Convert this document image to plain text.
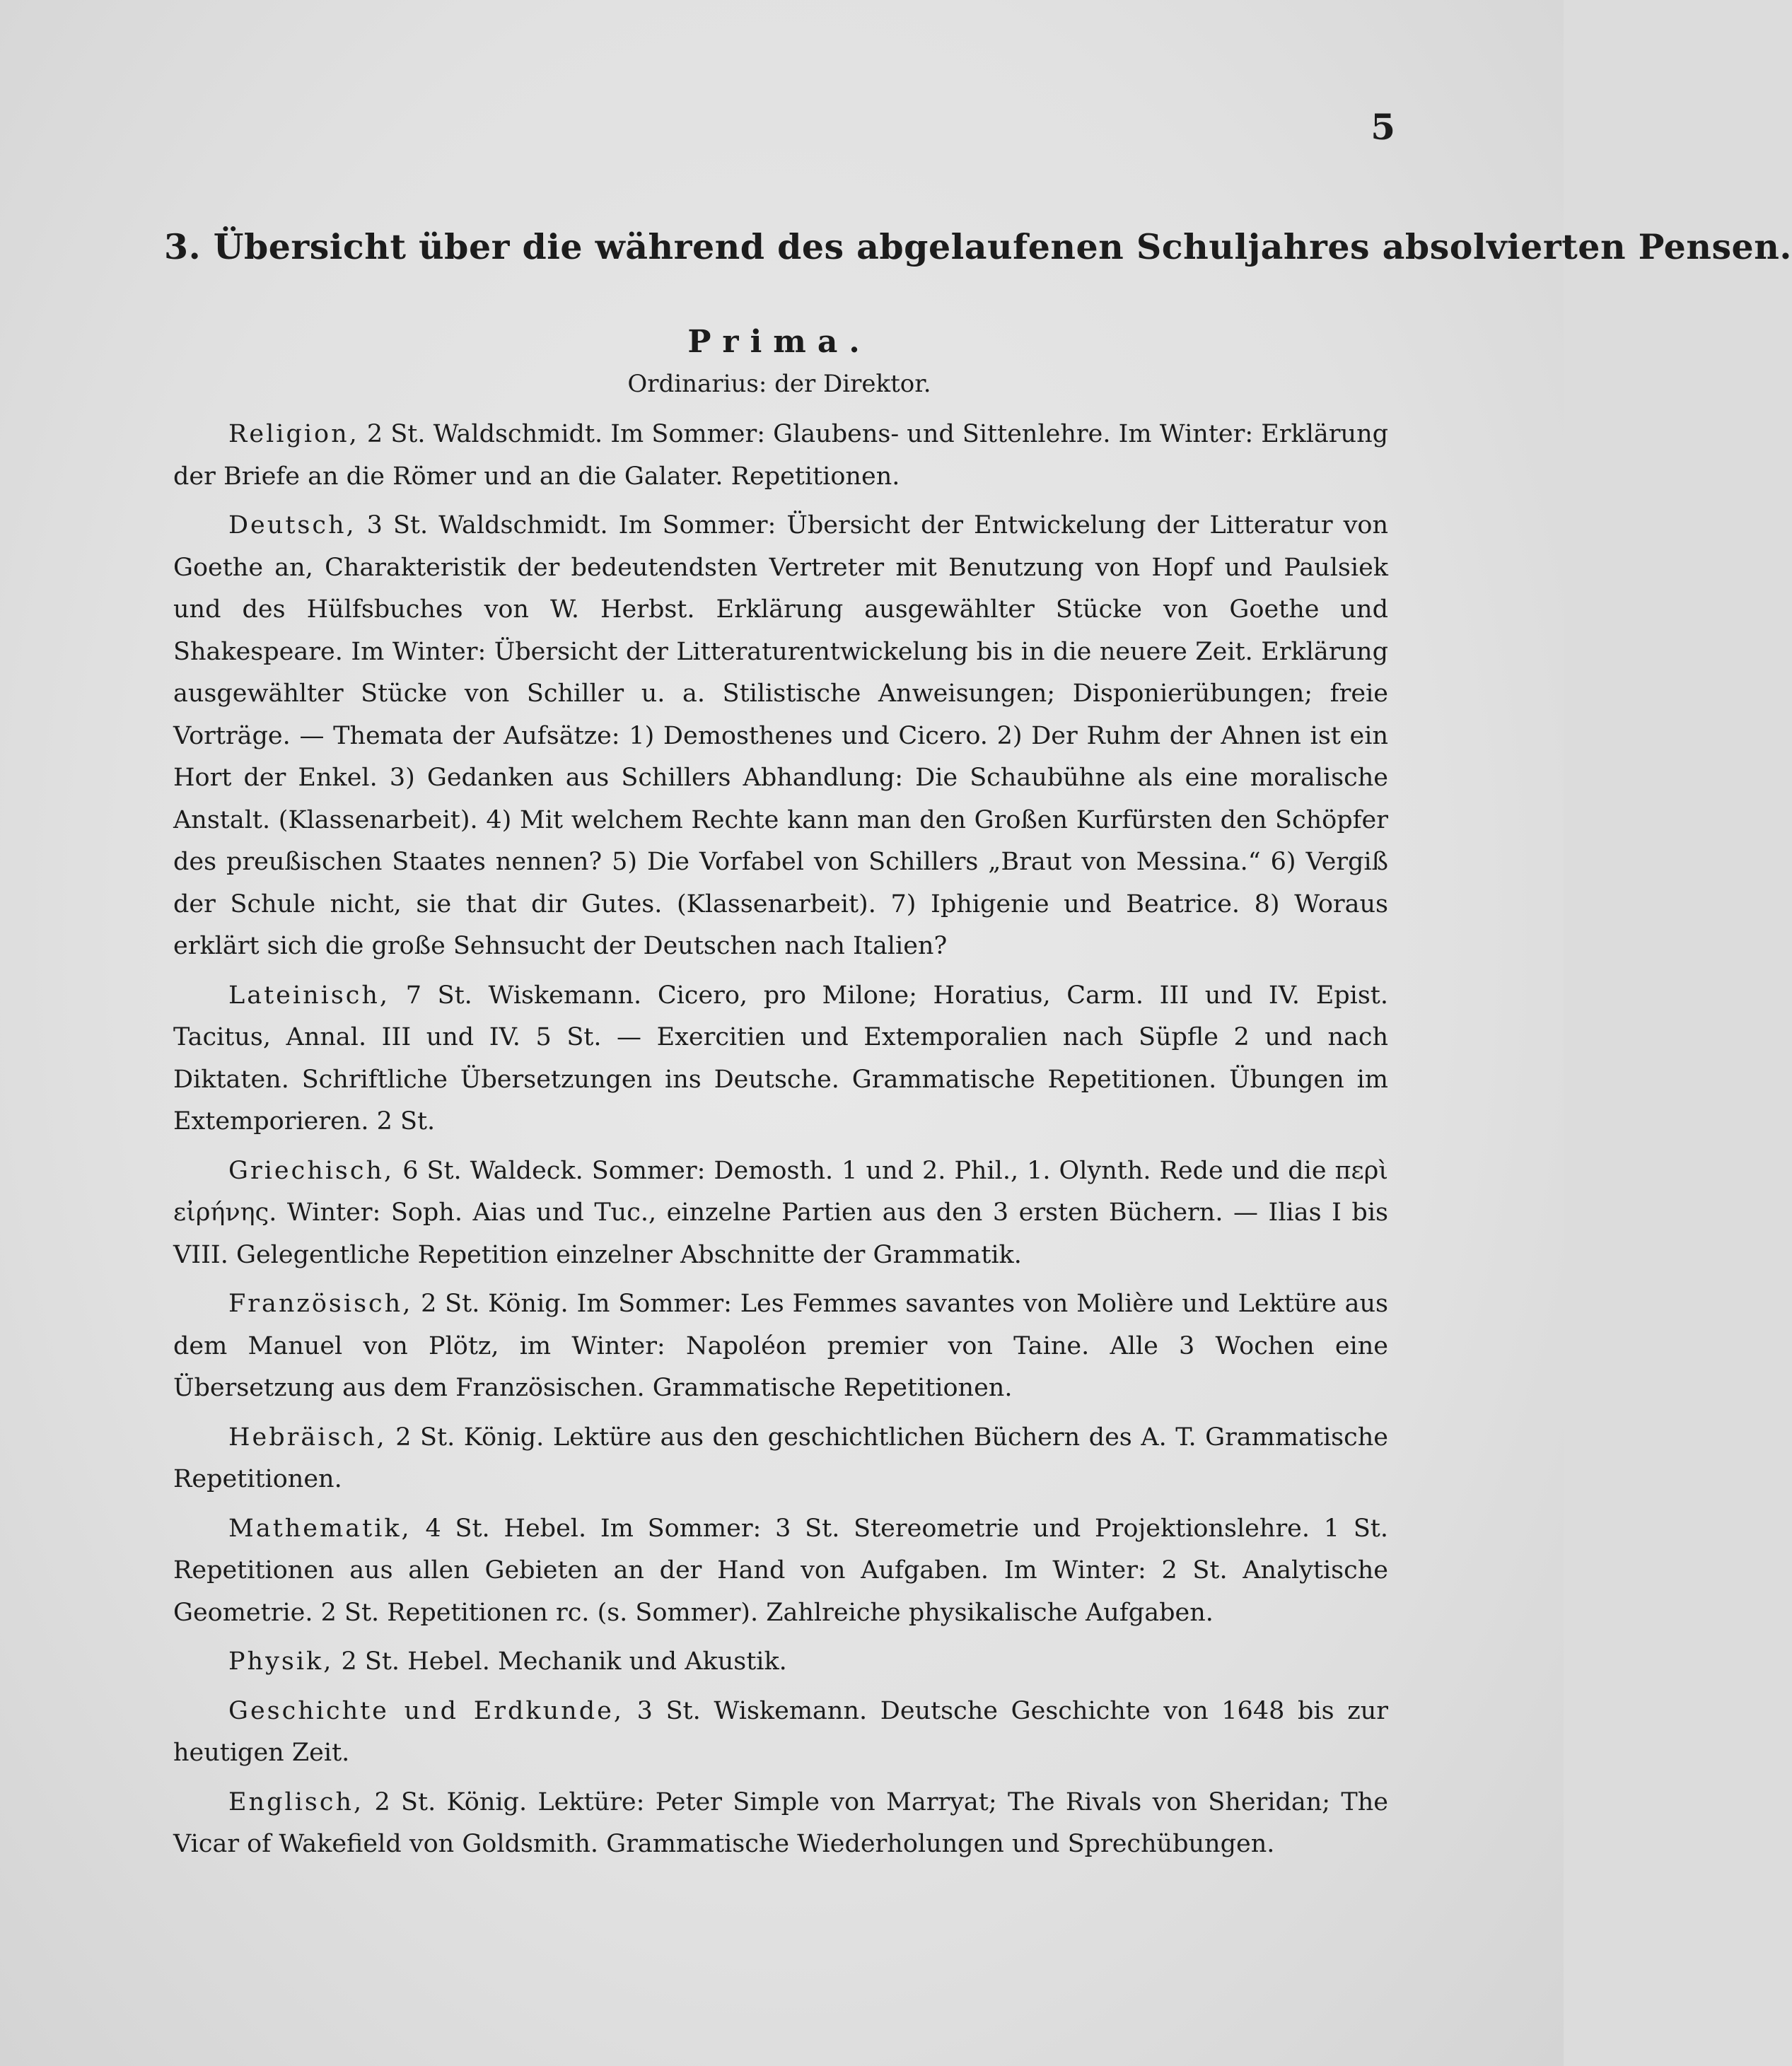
5
3. Übersicht über die während des abgelaufenen Schuljahres absolvierten Pensen.
Prima.
Ordinarius: der Direktor.

Religion, 2 St. Waldschmidt. Im Sommer: Glaubens- und Sittenlehre. Im Winter: Erklärung der Briefe an die Römer und an die Galater. Repetitionen.

Deutsch, 3 St. Waldschmidt. Im Sommer: Übersicht der Entwickelung der Litteratur von Goethe an, Charakteristik der bedeutendsten Vertreter mit Benutzung von Hopf und Paulsiek und des Hülfsbuches von W. Herbst. Erklärung ausgewählter Stücke von Goethe und Shakespeare. Im Winter: Übersicht der Litteraturentwickelung bis in die neuere Zeit. Erklärung ausgewählter Stücke von Schiller u. a. Stilistische Anweisungen; Disponierübungen; freie Vorträge. — Themata der Aufsätze: 1) Demosthenes und Cicero. 2) Der Ruhm der Ahnen ist ein Hort der Enkel. 3) Gedanken aus Schillers Abhandlung: Die Schaubühne als eine moralische Anstalt. (Klassenarbeit). 4) Mit welchem Rechte kann man den Großen Kurfürsten den Schöpfer des preußischen Staates nennen? 5) Die Vorfabel von Schillers „Braut von Messina.“ 6) Vergiß der Schule nicht, sie that dir Gutes. (Klassenarbeit). 7) Iphigenie und Beatrice. 8) Woraus erklärt sich die große Sehnsucht der Deutschen nach Italien?

Lateinisch, 7 St. Wiskemann. Cicero, pro Milone; Horatius, Carm. III und IV. Epist. Tacitus, Annal. III und IV. 5 St. — Exercitien und Extemporalien nach Süpfle 2 und nach Diktaten. Schriftliche Übersetzungen ins Deutsche. Grammatische Repetitionen. Übungen im Extemporieren. 2 St.

Griechisch, 6 St. Waldeck. Sommer: Demosth. 1 und 2. Phil., 1. Olynth. Rede und die περὶ εἰρήνης. Winter: Soph. Aias und Tuc., einzelne Partien aus den 3 ersten Büchern. — Ilias I bis VIII. Gelegentliche Repetition einzelner Abschnitte der Grammatik.

Französisch, 2 St. König. Im Sommer: Les Femmes savantes von Molière und Lektüre aus dem Manuel von Plötz, im Winter: Napoléon premier von Taine. Alle 3 Wochen eine Übersetzung aus dem Französischen. Grammatische Repetitionen.

Hebräisch, 2 St. König. Lektüre aus den geschichtlichen Büchern des A. T. Grammatische Repetitionen.

Mathematik, 4 St. Hebel. Im Sommer: 3 St. Stereometrie und Projektionslehre. 1 St. Repetitionen aus allen Gebieten an der Hand von Aufgaben. Im Winter: 2 St. Analytische Geometrie. 2 St. Repetitionen rc. (s. Sommer). Zahlreiche physikalische Aufgaben.

Physik, 2 St. Hebel. Mechanik und Akustik.

Geschichte und Erdkunde, 3 St. Wiskemann. Deutsche Geschichte von 1648 bis zur heutigen Zeit.

Englisch, 2 St. König. Lektüre: Peter Simple von Marryat; The Rivals von Sheridan; The Vicar of Wakefield von Goldsmith. Grammatische Wiederholungen und Sprechübungen.
